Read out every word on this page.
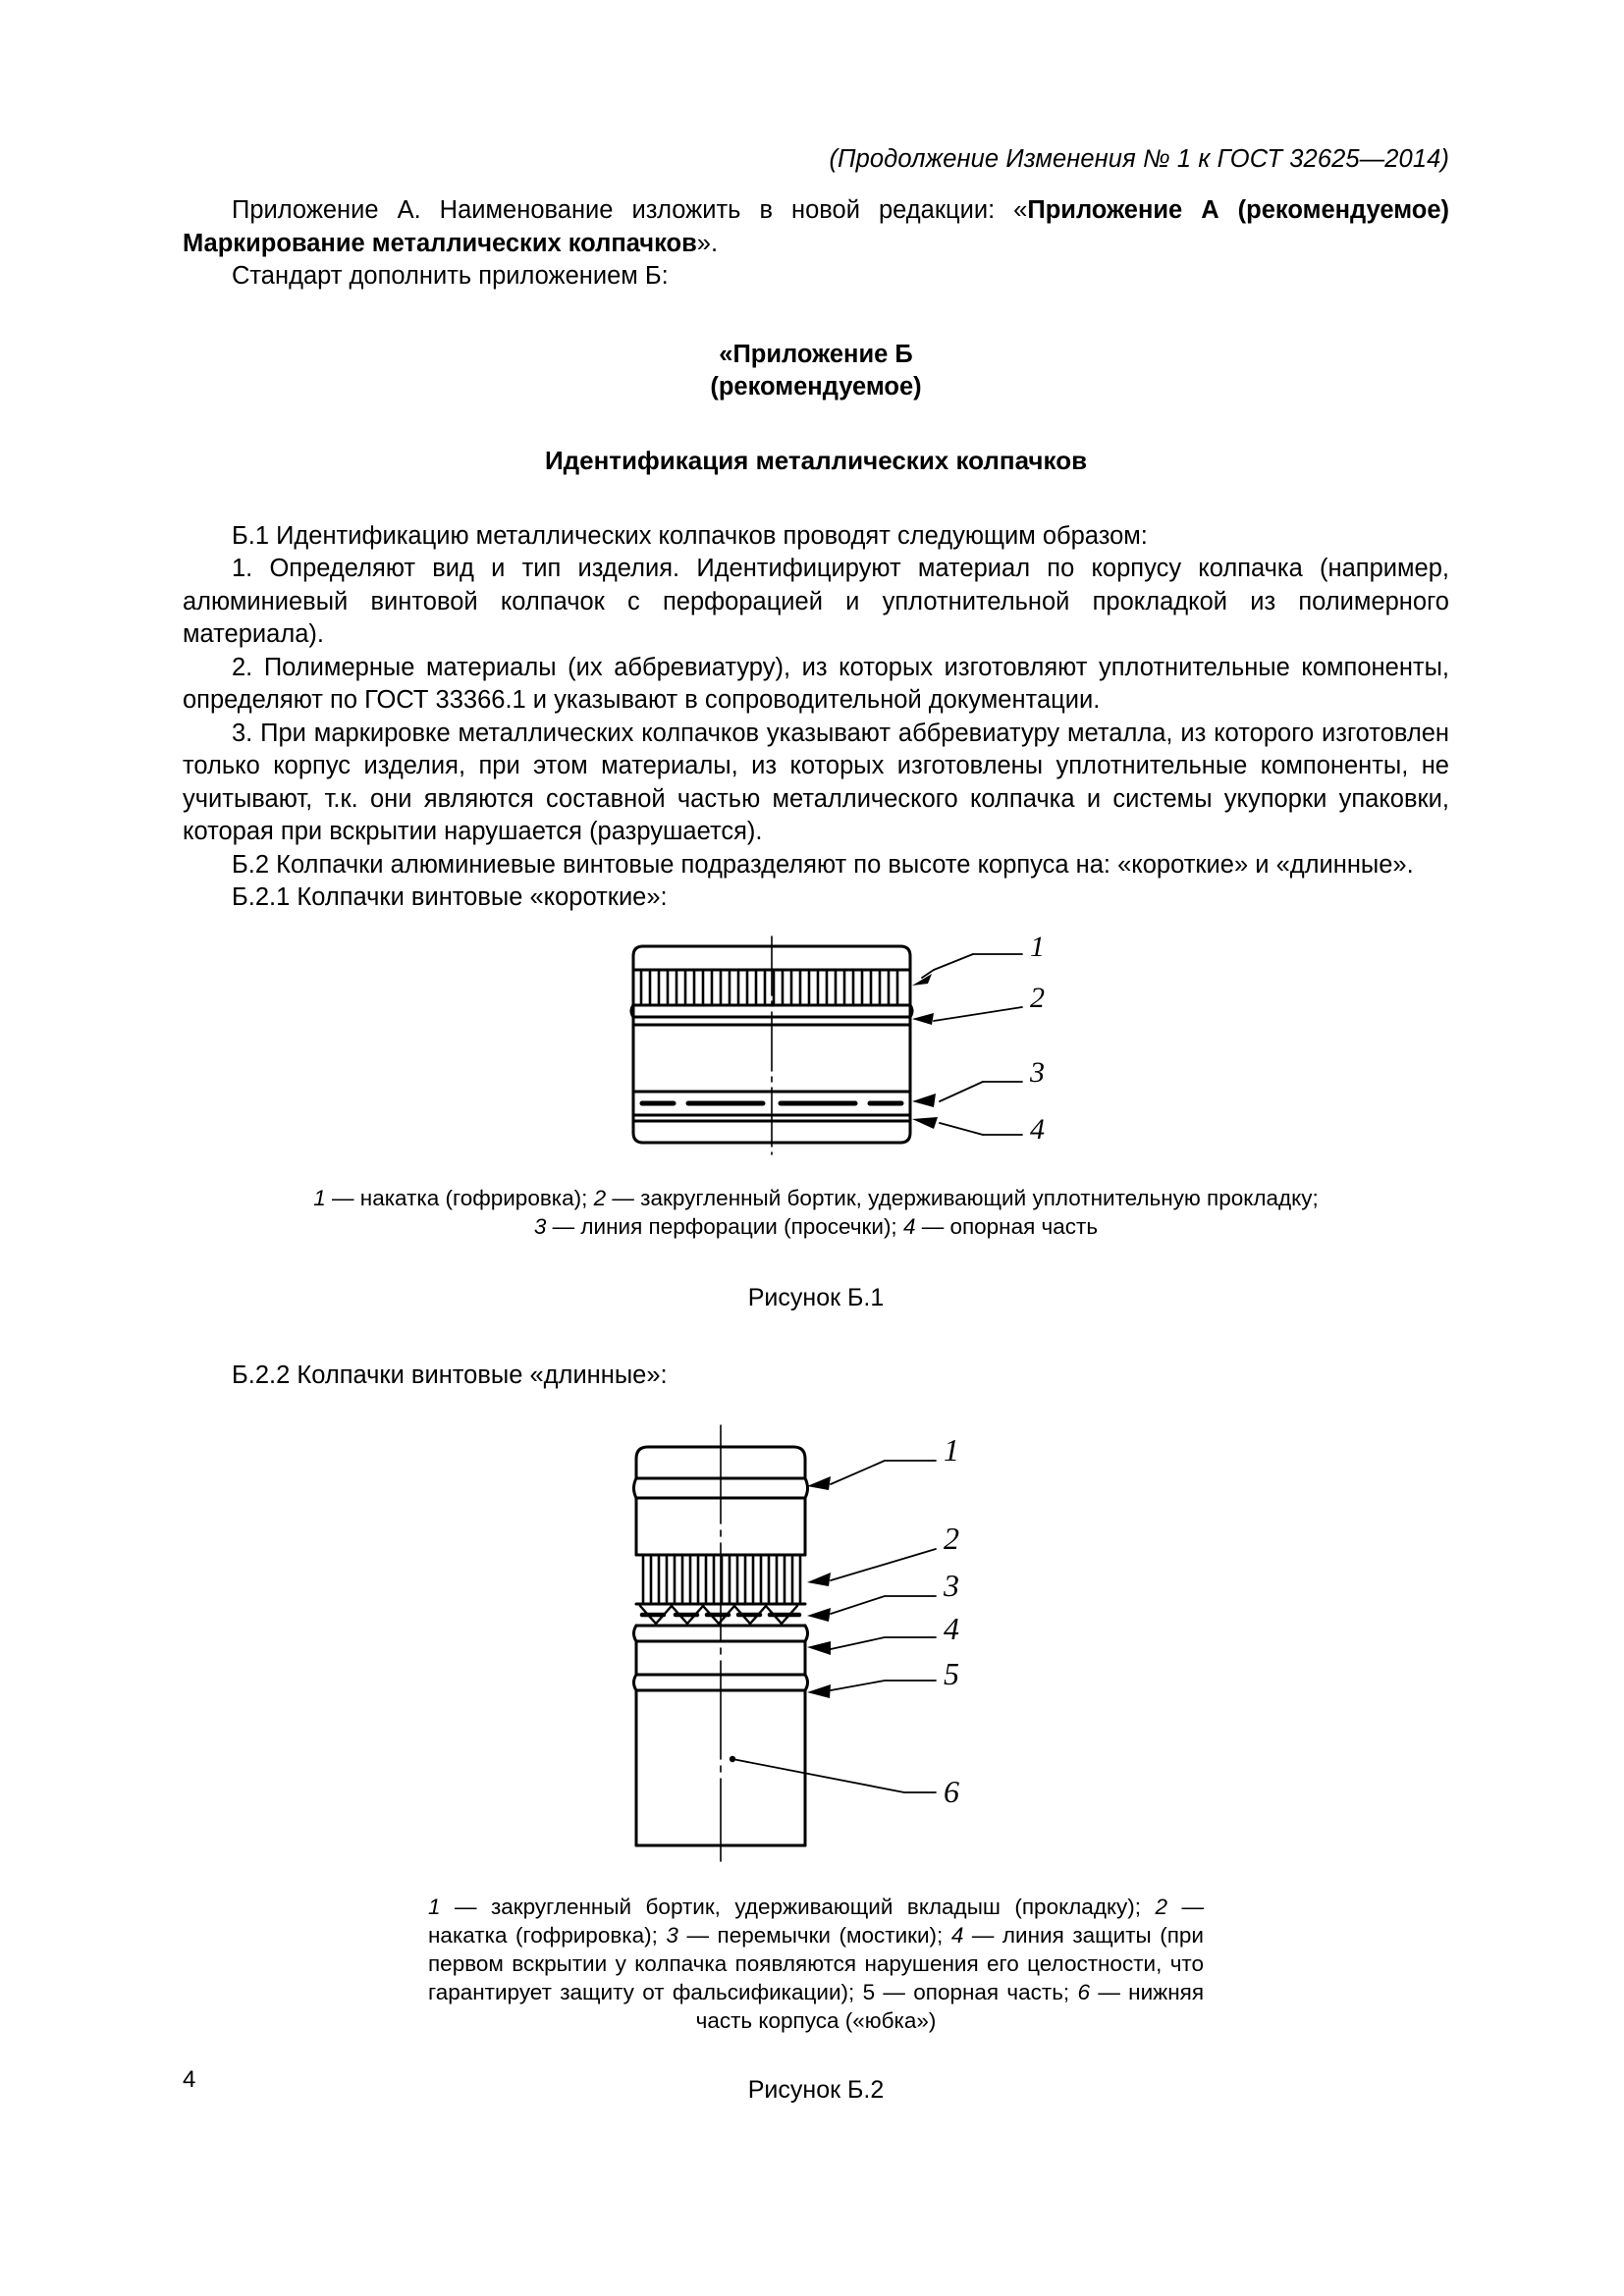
(Продолжение Изменения № 1 к ГОСТ 32625—2014)

Приложение А. Наименование изложить в новой редакции: «Приложение А (рекомендуемое) Маркирование металлических колпачков».

Стандарт дополнить приложением Б:

«Приложение Б
(рекомендуемое)
Идентификация металлических колпачков

Б.1 Идентификацию металлических колпачков проводят следующим образом:

1. Определяют вид и тип изделия. Идентифицируют материал по корпусу колпачка (например, алюминиевый винтовой колпачок с перфорацией и уплотнительной прокладкой из полимерного материала).

2. Полимерные материалы (их аббревиатуру), из которых изготовляют уплотнительные компоненты, определяют по ГОСТ 33366.1 и указывают в сопроводительной документации.

3. При маркировке металлических колпачков указывают аббревиатуру металла, из которого изготовлен только корпус изделия, при этом материалы, из которых изготовлены уплотнительные компоненты, не учитывают, т.к. они являются составной частью металлического колпачка и системы укупорки упаковки, которая при вскрытии нарушается (разрушается).

Б.2 Колпачки алюминиевые винтовые подразделяют по высоте корпуса на: «короткие» и «длинные».

Б.2.1 Колпачки винтовые «короткие»:

1
2
3
4
1 — накатка (гофрировка); 2 — закругленный бортик, удерживающий уплотнительную прокладку;
3 — линия перфорации (просечки); 4 — опорная часть
Рисунок Б.1

Б.2.2 Колпачки винтовые «длинные»:

1
2
3
4
5
6
1 — закругленный бортик, удерживающий вкладыш (прокладку); 2 — накатка (гофрировка); 3 — перемычки (мостики); 4 — линия защиты (при первом вскрытии у колпачка появляются нарушения его целостности, что гарантирует защиту от фальсификации); 5 — опорная часть; 6 — нижняя часть корпуса («юбка»)
Рисунок Б.2
4
